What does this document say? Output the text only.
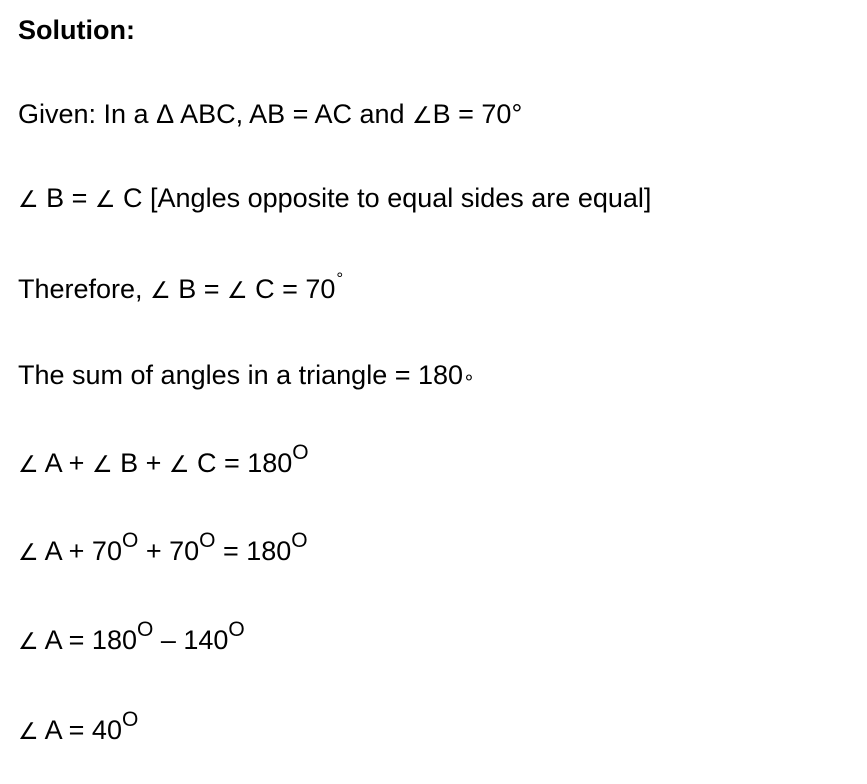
Solution:
Given: In a Δ ABC, AB = AC and ∠B = 70°
∠ B = ∠ C [Angles opposite to equal sides are equal]
Therefore, ∠ B = ∠ C = 70°
The sum of angles in a triangle = 180∘
∠ A + ∠ B + ∠ $C = 180^O$
∠ $A + 70^O + 70^O = 180^O$
∠ $A = 180^O - 140^O$
∠ $A = 40^O$
